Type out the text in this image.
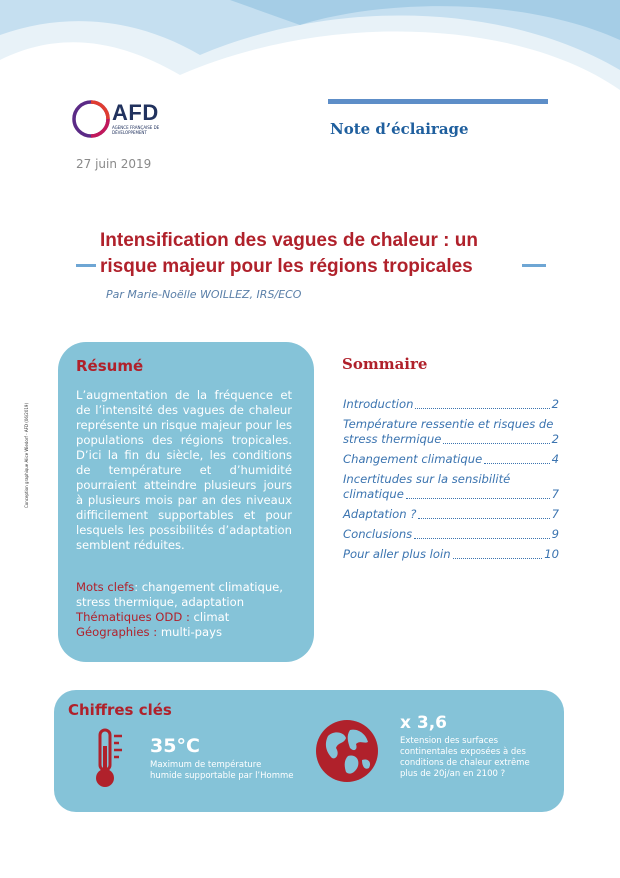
AFD
AGENCE FRANÇAISE DE DÉVELOPPEMENT	Note d’éclairage
27 juin 2019
Intensification des vagues de chaleur : un risque majeur pour les régions tropicales
Par Marie-Noëlle WOILLEZ, IRS/ECO
Conception graphique Alice Wiedorf - AFD (06/2019)
Résumé
L’augmentation de la fréquence et de l’intensité des vagues de chaleur représente un risque majeur pour les populations des régions tropicales. D’ici la fin du siècle, les conditions de température et d’humidité pourraient atteindre plusieurs jours à plusieurs mois par an des niveaux difficilement supportables et pour lesquels les possibilités d’adaptation semblent réduites.
Mots clefs: changement climatique, stress thermique, adaptation
Thématiques ODD : climat
Géographies : multi-pays
Sommaire
Introduction	2
Température ressentie et risques de
stress thermique	2
Changement climatique	4
Incertitudes sur la sensibilité
climatique	7
Adaptation ?	7
Conclusions	9
Pour aller plus loin	10
Chiffres clés
35°C
Maximum de température humide supportable par l’Homme
x 3,6
Extension des surfaces continentales exposées à des conditions de chaleur extrême plus de 20j/an en 2100 ?
